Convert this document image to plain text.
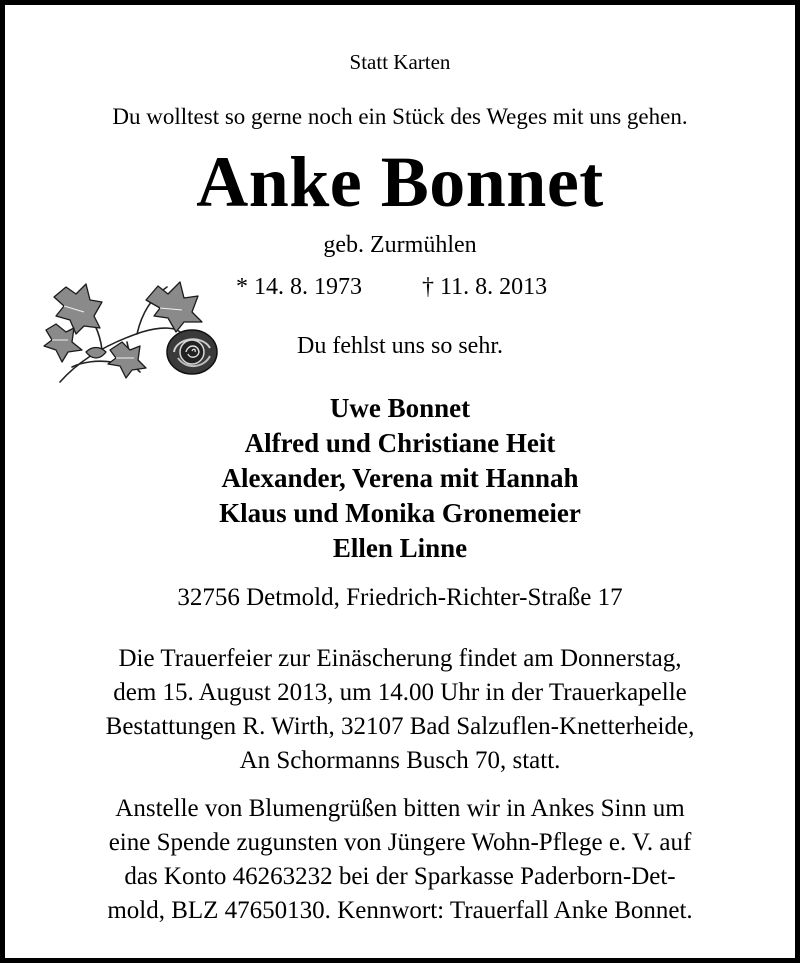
Statt Karten
Du wolltest so gerne noch ein Stück des Weges mit uns gehen.
Anke Bonnet
geb. Zurmühlen
* 14. 8. 1973	† 11. 8. 2013
Du fehlst uns so sehr.
Uwe Bonnet
Alfred und Christiane Heit
Alexander, Verena mit Hannah
Klaus und Monika Gronemeier
Ellen Linne
32756 Detmold, Friedrich-Richter-Straße 17
Die Trauerfeier zur Einäscherung findet am Donnerstag,
dem 15. August 2013, um 14.00 Uhr in der Trauerkapelle
Bestattungen R. Wirth, 32107 Bad Salzuflen-Knetterheide,
An Schormanns Busch 70, statt.
Anstelle von Blumengrüßen bitten wir in Ankes Sinn um
eine Spende zugunsten von Jüngere Wohn-Pflege e. V. auf
das Konto 46263232 bei der Sparkasse Paderborn-Det-
mold, BLZ 47650130. Kennwort: Trauerfall Anke Bonnet.
